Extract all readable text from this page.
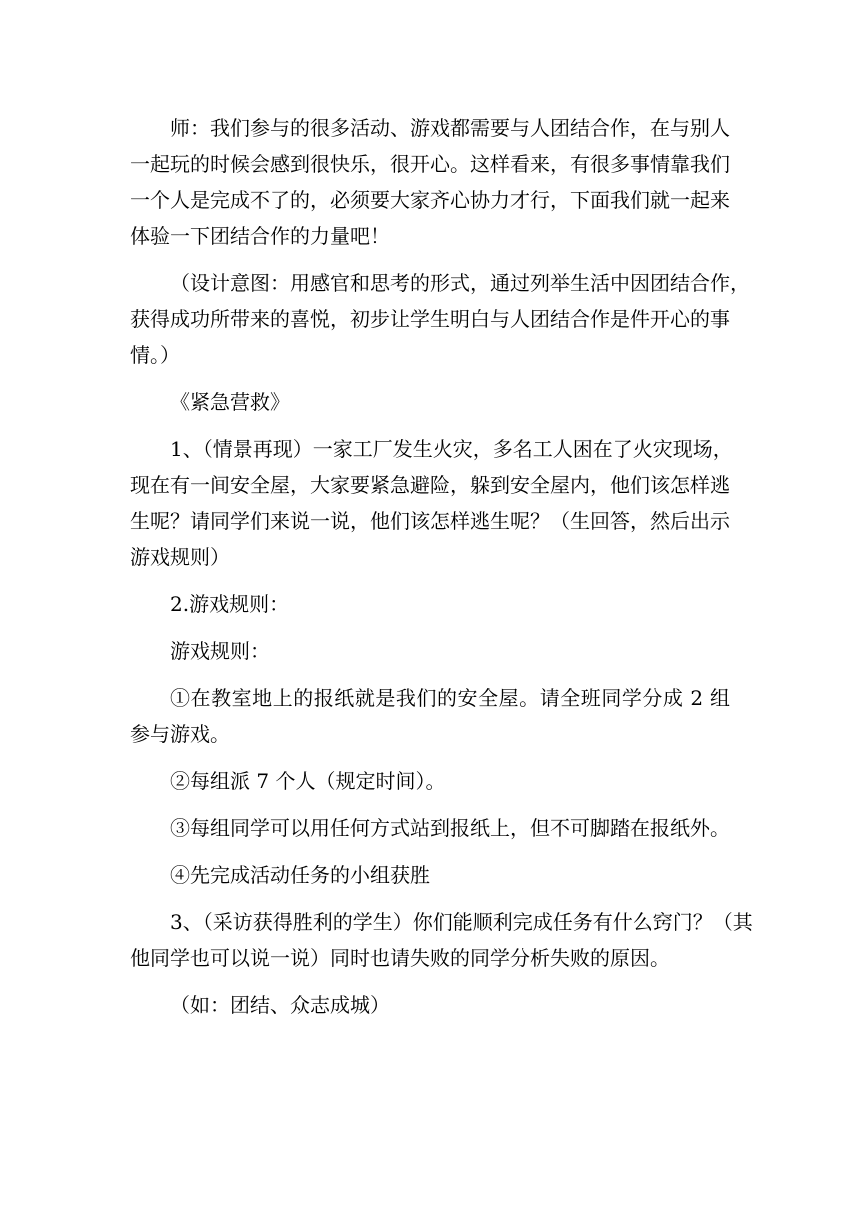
师：我们参与的很多活动、游戏都需要与人团结合作，在与别人
一起玩的时候会感到很快乐，很开心。这样看来，有很多事情靠我们
一个人是完成不了的，必须要大家齐心协力才行，下面我们就一起来
体验一下团结合作的力量吧！
（设计意图：用感官和思考的形式，通过列举生活中因团结合作，
获得成功所带来的喜悦，初步让学生明白与人团结合作是件开心的事
情。）
《紧急营救》
1、（情景再现）一家工厂发生火灾，多名工人困在了火灾现场，
现在有一间安全屋，大家要紧急避险，躲到安全屋内，他们该怎样逃
生呢？请同学们来说一说，他们该怎样逃生呢？（生回答，然后出示
游戏规则）
2.游戏规则：
游戏规则：
①在教室地上的报纸就是我们的安全屋。请全班同学分成 2 组
参与游戏。
②每组派 7 个人（规定时间）。
③每组同学可以用任何方式站到报纸上，但不可脚踏在报纸外。
④先完成活动任务的小组获胜
3、（采访获得胜利的学生）你们能顺利完成任务有什么窍门？（其
他同学也可以说一说）同时也请失败的同学分析失败的原因。
（如：团结、众志成城）
